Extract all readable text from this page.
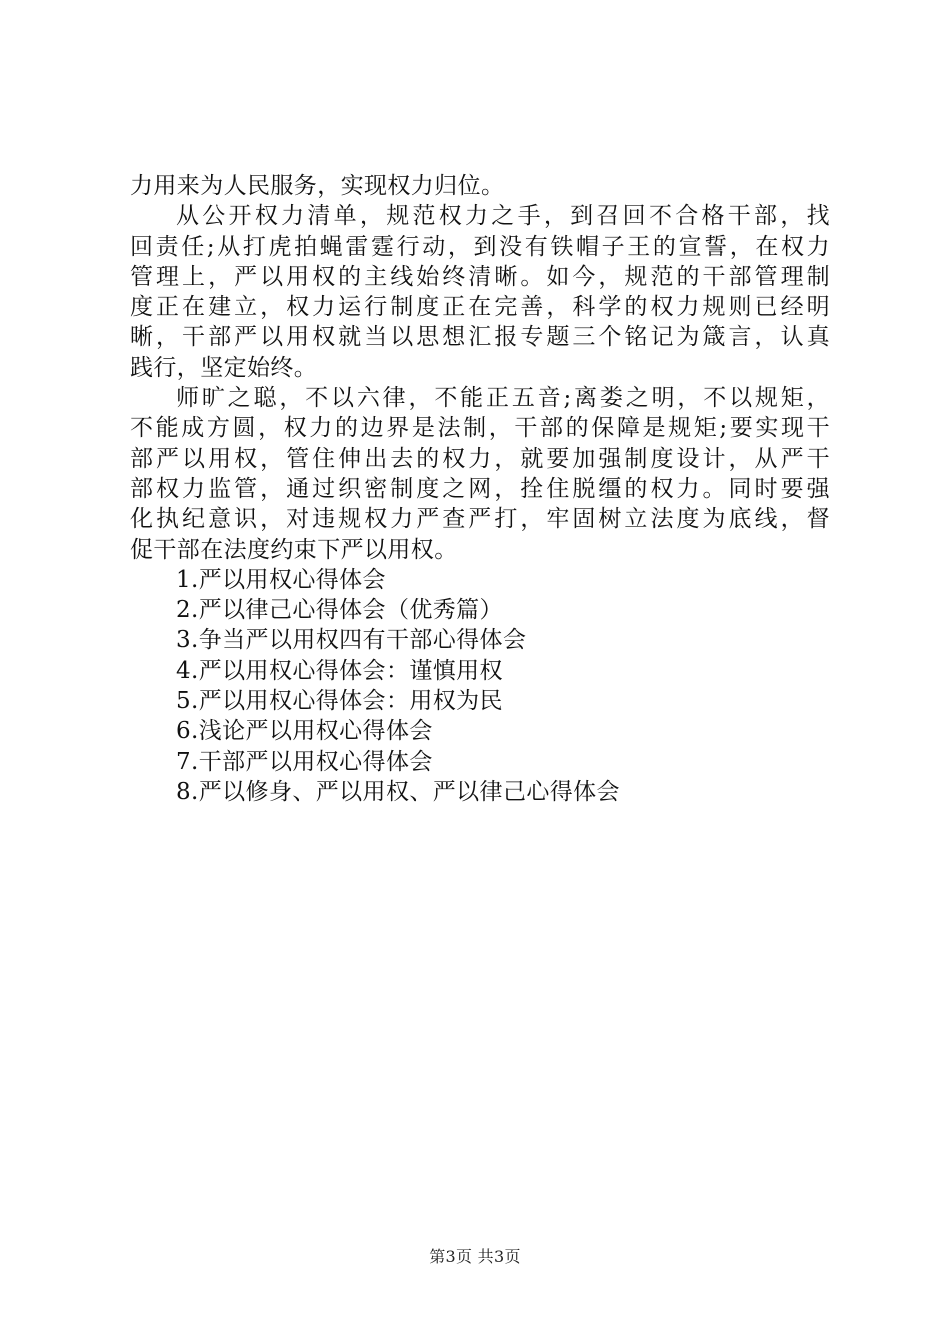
力用来为人民服务，实现权力归位。
从公开权力清单，规范权力之手，到召回不合格干部，找
回责任;从打虎拍蝇雷霆行动，到没有铁帽子王的宣誓，在权力
管理上，严以用权的主线始终清晰。如今，规范的干部管理制
度正在建立，权力运行制度正在完善，科学的权力规则已经明
晰，干部严以用权就当以思想汇报专题三个铭记为箴言，认真
践行，坚定始终。
师旷之聪，不以六律，不能正五音;离娄之明，不以规矩，
不能成方圆，权力的边界是法制，干部的保障是规矩;要实现干
部严以用权，管住伸出去的权力，就要加强制度设计，从严干
部权力监管，通过织密制度之网，拴住脱缰的权力。同时要强
化执纪意识，对违规权力严查严打，牢固树立法度为底线，督
促干部在法度约束下严以用权。
1.严以用权心得体会
2.严以律己心得体会（优秀篇）
3.争当严以用权四有干部心得体会
4.严以用权心得体会：谨慎用权
5.严以用权心得体会：用权为民
6.浅论严以用权心得体会
7.干部严以用权心得体会
8.严以修身、严以用权、严以律己心得体会
第3页 共3页
